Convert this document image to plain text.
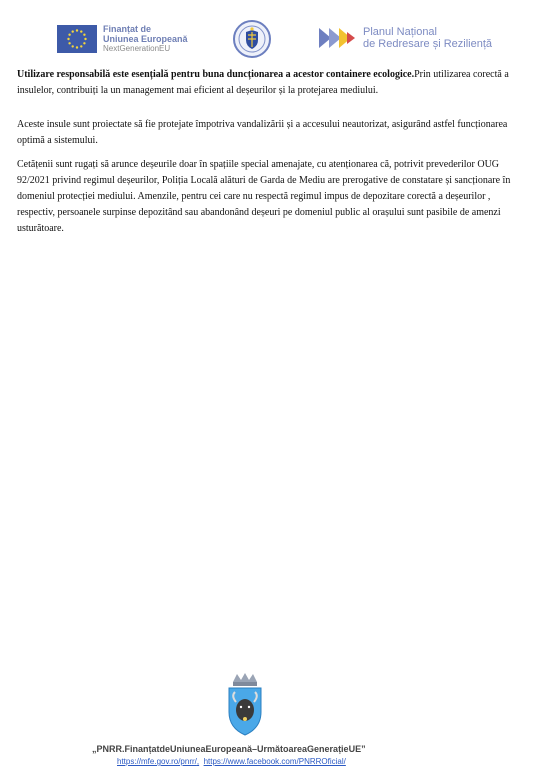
Finanțat de
Uniunea Europeană
NextGenerationEU
Planul Național
de Redresare și Reziliență

Utilizare responsabilă este esențială pentru buna duncționarea a acestor containere ecologice.Prin utilizarea corectă a insulelor, contribuiți la un management mai eficient al deșeurilor și la protejarea mediului.

Aceste insule sunt proiectate să fie protejate împotriva vandalizării și a accesului neautorizat, asigurând astfel funcționarea optimă a sistemului.

Cetățenii sunt rugați să arunce deșeurile doar în spațiile special amenajate, cu atenționarea că, potrivit prevederilor OUG 92/2021 privind regimul deșeurilor, Poliția Locală alături de Garda de Mediu are prerogative de constatare și sancționare în domeniul protecției mediului. Amenzile, pentru cei care nu respectă regimul impus de depozitare corectă a deșeurilor , respectiv, persoanele surpinse depozitând sau abandonând deșeuri pe domeniul public al orașului sunt pasibile de amenzi usturătoare.

„PNRR.FinanțatdeUniuneaEuropeană–UrmătoareaGenerațieUE”
https://mfe.gov.ro/pnrr/, https://www.facebook.com/PNRROficial/
